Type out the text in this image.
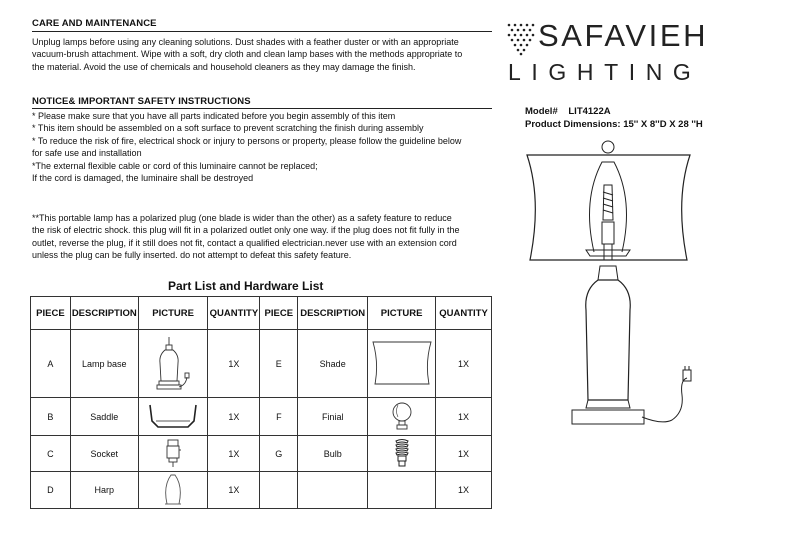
CARE AND MAINTENANCE

Unplug lamps before using any cleaning solutions. Dust shades with a feather duster or with an appropriate

vacuum-brush attachment. Wipe with a soft, dry cloth and clean lamp bases with the methods appropriate to

the material. Avoid the use of chemicals and household cleaners as they may damage the finish.

NOTICE& IMPORTANT SAFETY INSTRUCTIONS

* Please make sure that you have all parts indicated before you begin assembly of this item

* This item should be assembled on a soft surface to prevent scratching the finish during assembly

* To reduce the risk of fire, electrical shock or injury to persons or property, please follow the guideline below

for safe use and installation

*The external flexible cable or cord of this luminaire cannot be replaced;

If the cord is damaged, the luminaire shall be destroyed

**This portable lamp has a polarized plug (one blade is wider than the other) as a safety feature to reduce

the risk of electric shock. this plug will fit in a polarized outlet only one way. if the plug does not fit fully in the

outlet, reverse the plug, if it still does not fit, contact a qualified electrician.never use with an extension cord

unless the plug can be fully inserted. do not attempt to defeat this safety feature.

SAFAVIEH
LIGHTING
Model# LIT4122A
Product Dimensions: 15'' X 8''D X 28 ''H
Part List and Hardware List
PIECE	DESCRIPTION	PICTURE	QUANTITY	PIECE	DESCRIPTION	PICTURE	QUANTITY
A	Lamp base		1X	E	Shade		1X
B	Saddle		1X	F	Finial		1X
C	Socket		1X	G	Bulb		1X
D	Harp		1X				1X
